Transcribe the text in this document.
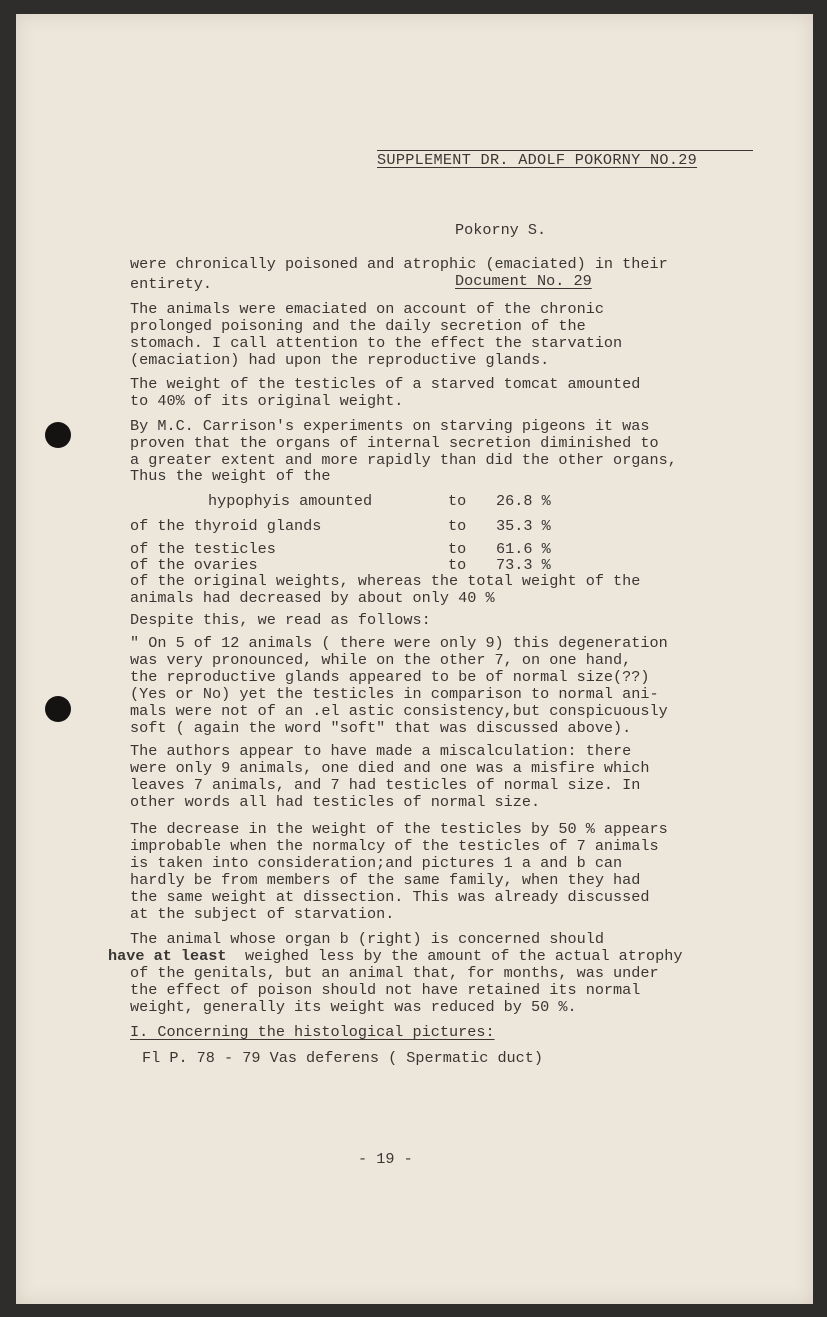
SUPPLEMENT DR. ADOLF POKORNY NO.29

Pokorny S.

Document No. 29

were chronically poisoned and atrophic (emaciated) in their
entirety.
The animals were emaciated on account of the chronic
prolonged poisoning and the daily secretion of the
stomach. I call attention to the effect the starvation
(emaciation) had upon the reproductive glands.
The weight of the testicles of a starved tomcat amounted
to 40% of its original weight.
By M.C. Carrison's experiments on starving pigeons it was
proven that the organs of internal secretion diminished to
a greater extent and more rapidly than did the other organs,
Thus the weight of the
hypophyis amounted	to 26.8 %
of the thyroid glands	to 35.3 %
of the testicles	to 61.6 %
of the ovaries	to 73.3 %
of the original weights, whereas the total weight of the
animals had decreased by about only 40 %
Despite this, we read as follows:
" On 5 of 12 animals ( there were only 9) this degeneration
was very pronounced, while on the other 7, on one hand,
the reproductive glands appeared to be of normal size(??)
(Yes or No) yet the testicles in comparison to normal ani-
mals were not of an .el astic consistency,but conspicuously
soft ( again the word "soft" that was discussed above).
The authors appear to have made a miscalculation: there
were only 9 animals, one died and one was a misfire which
leaves 7 animals, and 7 had testicles of normal size. In
other words all had testicles of normal size.
The decrease in the weight of the testicles by 50 % appears
improbable when the normalcy of the testicles of 7 animals
is taken into consideration;and pictures 1 a and b can
hardly be from members of the same family, when they had
the same weight at dissection. This was already discussed
at the subject of starvation.
The animal whose organ b (right) is concerned should
have at least weighed less by the amount of the actual atrophy
of the genitals, but an animal that, for months, was under
the effect of poison should not have retained its normal
weight, generally its weight was reduced by 50 %.
I. Concerning the histological pictures:
Fl P. 78 - 79 Vas deferens ( Spermatic duct)
- 19 -
